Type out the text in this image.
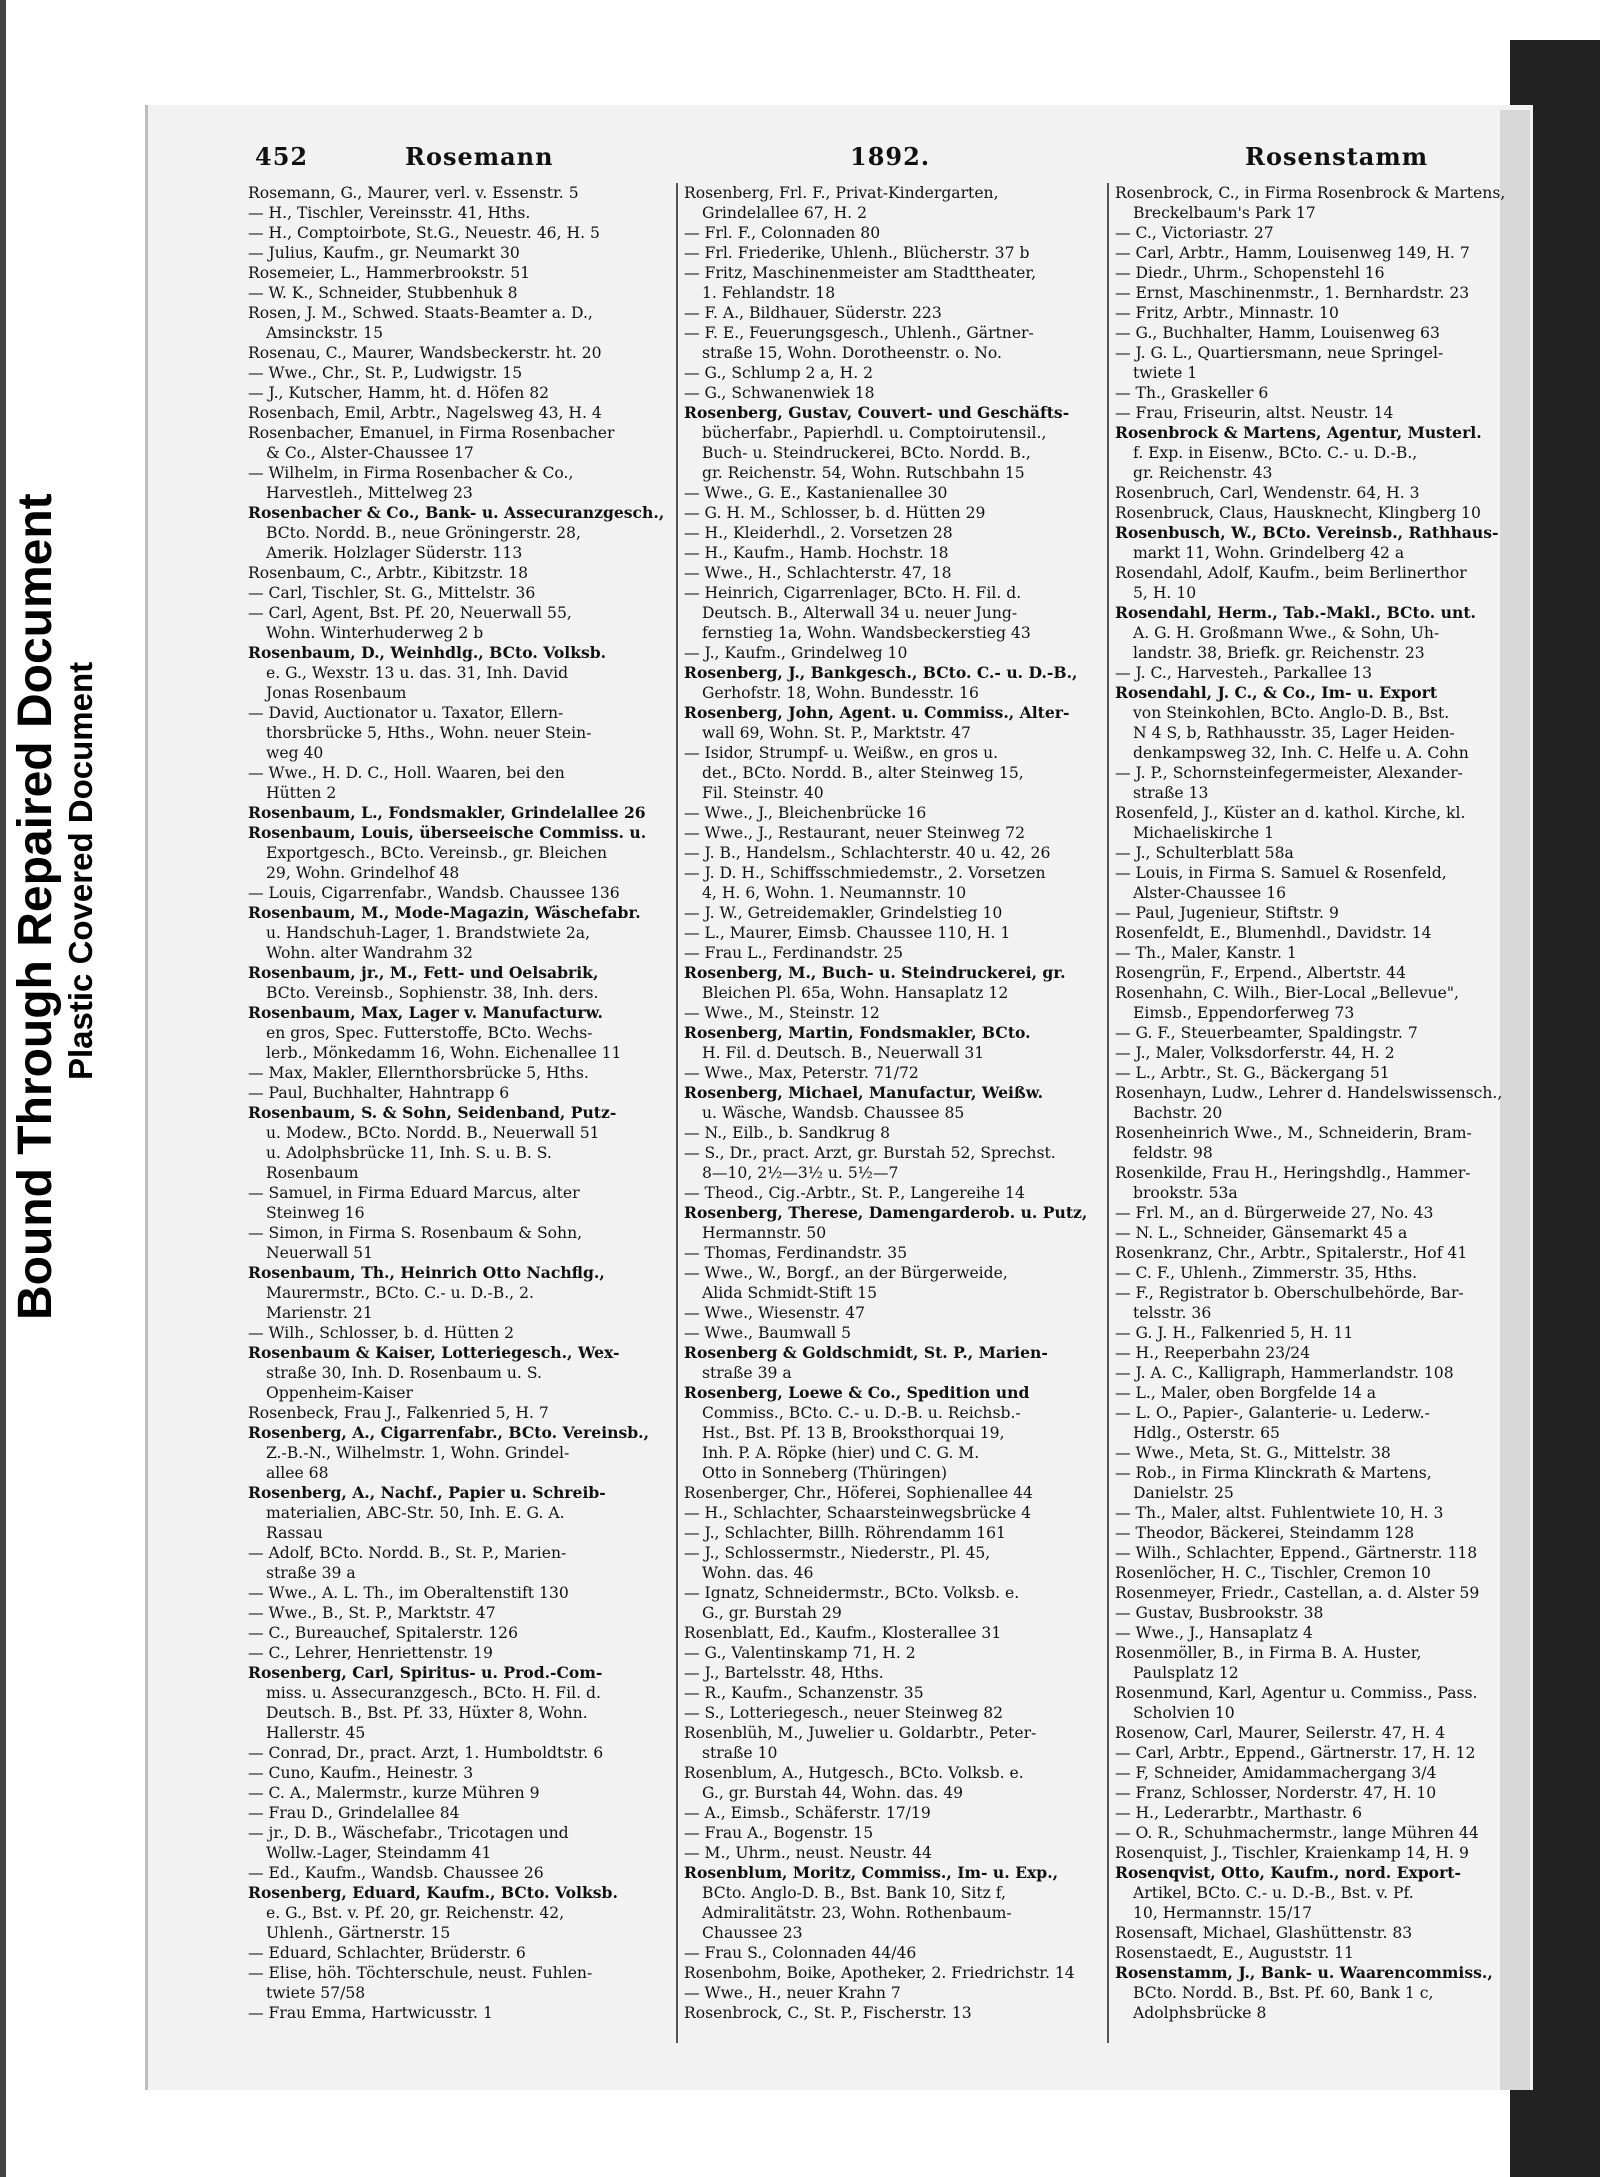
Bound Through Repaired Document Plastic Covered Document
452	Rosemann	1892.	Rosenstamm
Rosemann, G., Maurer, verl. v. Essenstr. 5
— H., Tischler, Vereinsstr. 41, Hths.
— H., Comptoirbote, St.G., Neuestr. 46, H. 5
— Julius, Kaufm., gr. Neumarkt 30
Rosemeier, L., Hammerbrookstr. 51
— W. K., Schneider, Stubbenhuk 8
Rosen, J. M., Schwed. Staats-Beamter a. D.,
Amsinckstr. 15
Rosenau, C., Maurer, Wandsbeckerstr. ht. 20
— Wwe., Chr., St. P., Ludwigstr. 15
— J., Kutscher, Hamm, ht. d. Höfen 82
Rosenbach, Emil, Arbtr., Nagelsweg 43, H. 4
Rosenbacher, Emanuel, in Firma Rosenbacher
& Co., Alster-Chaussee 17
— Wilhelm, in Firma Rosenbacher & Co.,
Harvestleh., Mittelweg 23
Rosenbacher & Co., Bank- u. Assecuranzgesch.,
BCto. Nordd. B., neue Gröningerstr. 28,
Amerik. Holzlager Süderstr. 113
Rosenbaum, C., Arbtr., Kibitzstr. 18
— Carl, Tischler, St. G., Mittelstr. 36
— Carl, Agent, Bst. Pf. 20, Neuerwall 55,
Wohn. Winterhuderweg 2 b
Rosenbaum, D., Weinhdlg., BCto. Volksb.
e. G., Wexstr. 13 u. das. 31, Inh. David
Jonas Rosenbaum
— David, Auctionator u. Taxator, Ellern-
thorsbrücke 5, Hths., Wohn. neuer Stein-
weg 40
— Wwe., H. D. C., Holl. Waaren, bei den
Hütten 2
Rosenbaum, L., Fondsmakler, Grindelallee 26
Rosenbaum, Louis, überseeische Commiss. u.
Exportgesch., BCto. Vereinsb., gr. Bleichen
29, Wohn. Grindelhof 48
— Louis, Cigarrenfabr., Wandsb. Chaussee 136
Rosenbaum, M., Mode-Magazin, Wäschefabr.
u. Handschuh-Lager, 1. Brandstwiete 2a,
Wohn. alter Wandrahm 32
Rosenbaum, jr., M., Fett- und Oelsabrik,
BCto. Vereinsb., Sophienstr. 38, Inh. ders.
Rosenbaum, Max, Lager v. Manufacturw.
en gros, Spec. Futterstoffe, BCto. Wechs-
lerb., Mönkedamm 16, Wohn. Eichenallee 11
— Max, Makler, Ellernthorsbrücke 5, Hths.
— Paul, Buchhalter, Hahntrapp 6
Rosenbaum, S. & Sohn, Seidenband, Putz-
u. Modew., BCto. Nordd. B., Neuerwall 51
u. Adolphsbrücke 11, Inh. S. u. B. S.
Rosenbaum
— Samuel, in Firma Eduard Marcus, alter
Steinweg 16
— Simon, in Firma S. Rosenbaum & Sohn,
Neuerwall 51
Rosenbaum, Th., Heinrich Otto Nachflg.,
Maurermstr., BCto. C.- u. D.-B., 2.
Marienstr. 21
— Wilh., Schlosser, b. d. Hütten 2
Rosenbaum & Kaiser, Lotteriegesch., Wex-
straße 30, Inh. D. Rosenbaum u. S.
Oppenheim-Kaiser
Rosenbeck, Frau J., Falkenried 5, H. 7
Rosenberg, A., Cigarrenfabr., BCto. Vereinsb.,
Z.-B.-N., Wilhelmstr. 1, Wohn. Grindel-
allee 68
Rosenberg, A., Nachf., Papier u. Schreib-
materialien, ABC-Str. 50, Inh. E. G. A.
Rassau
— Adolf, BCto. Nordd. B., St. P., Marien-
straße 39 a
— Wwe., A. L. Th., im Oberaltenstift 130
— Wwe., B., St. P., Marktstr. 47
— C., Bureauchef, Spitalerstr. 126
— C., Lehrer, Henriettenstr. 19
Rosenberg, Carl, Spiritus- u. Prod.-Com-
miss. u. Assecuranzgesch., BCto. H. Fil. d.
Deutsch. B., Bst. Pf. 33, Hüxter 8, Wohn.
Hallerstr. 45
— Conrad, Dr., pract. Arzt, 1. Humboldtstr. 6
— Cuno, Kaufm., Heinestr. 3
— C. A., Malermstr., kurze Mühren 9
— Frau D., Grindelallee 84
— jr., D. B., Wäschefabr., Tricotagen und
Wollw.-Lager, Steindamm 41
— Ed., Kaufm., Wandsb. Chaussee 26
Rosenberg, Eduard, Kaufm., BCto. Volksb.
e. G., Bst. v. Pf. 20, gr. Reichenstr. 42,
Uhlenh., Gärtnerstr. 15
— Eduard, Schlachter, Brüderstr. 6
— Elise, höh. Töchterschule, neust. Fuhlen-
twiete 57/58
— Frau Emma, Hartwicusstr. 1
Rosenberg, Frl. F., Privat-Kindergarten,
Grindelallee 67, H. 2
— Frl. F., Colonnaden 80
— Frl. Friederike, Uhlenh., Blücherstr. 37 b
— Fritz, Maschinenmeister am Stadttheater,
1. Fehlandstr. 18
— F. A., Bildhauer, Süderstr. 223
— F. E., Feuerungsgesch., Uhlenh., Gärtner-
straße 15, Wohn. Dorotheenstr. o. No.
— G., Schlump 2 a, H. 2
— G., Schwanenwiek 18
Rosenberg, Gustav, Couvert- und Geschäfts-
bücherfabr., Papierhdl. u. Comptoirutensil.,
Buch- u. Steindruckerei, BCto. Nordd. B.,
gr. Reichenstr. 54, Wohn. Rutschbahn 15
— Wwe., G. E., Kastanienallee 30
— G. H. M., Schlosser, b. d. Hütten 29
— H., Kleiderhdl., 2. Vorsetzen 28
— H., Kaufm., Hamb. Hochstr. 18
— Wwe., H., Schlachterstr. 47, 18
— Heinrich, Cigarrenlager, BCto. H. Fil. d.
Deutsch. B., Alterwall 34 u. neuer Jung-
fernstieg 1a, Wohn. Wandsbeckerstieg 43
— J., Kaufm., Grindelweg 10
Rosenberg, J., Bankgesch., BCto. C.- u. D.-B.,
Gerhofstr. 18, Wohn. Bundesstr. 16
Rosenberg, John, Agent. u. Commiss., Alter-
wall 69, Wohn. St. P., Marktstr. 47
— Isidor, Strumpf- u. Weißw., en gros u.
det., BCto. Nordd. B., alter Steinweg 15,
Fil. Steinstr. 40
— Wwe., J., Bleichenbrücke 16
— Wwe., J., Restaurant, neuer Steinweg 72
— J. B., Handelsm., Schlachterstr. 40 u. 42, 26
— J. D. H., Schiffsschmiedemstr., 2. Vorsetzen
4, H. 6, Wohn. 1. Neumannstr. 10
— J. W., Getreidemakler, Grindelstieg 10
— L., Maurer, Eimsb. Chaussee 110, H. 1
— Frau L., Ferdinandstr. 25
Rosenberg, M., Buch- u. Steindruckerei, gr.
Bleichen Pl. 65a, Wohn. Hansaplatz 12
— Wwe., M., Steinstr. 12
Rosenberg, Martin, Fondsmakler, BCto.
H. Fil. d. Deutsch. B., Neuerwall 31
— Wwe., Max, Peterstr. 71/72
Rosenberg, Michael, Manufactur, Weißw.
u. Wäsche, Wandsb. Chaussee 85
— N., Eilb., b. Sandkrug 8
— S., Dr., pract. Arzt, gr. Burstah 52, Sprechst.
8—10, 2½—3½ u. 5½—7
— Theod., Cig.-Arbtr., St. P., Langereihe 14
Rosenberg, Therese, Damengarderob. u. Putz,
Hermannstr. 50
— Thomas, Ferdinandstr. 35
— Wwe., W., Borgf., an der Bürgerweide,
Alida Schmidt-Stift 15
— Wwe., Wiesenstr. 47
— Wwe., Baumwall 5
Rosenberg & Goldschmidt, St. P., Marien-
straße 39 a
Rosenberg, Loewe & Co., Spedition und
Commiss., BCto. C.- u. D.-B. u. Reichsb.-
Hst., Bst. Pf. 13 B, Brooksthorquai 19,
Inh. P. A. Röpke (hier) und C. G. M.
Otto in Sonneberg (Thüringen)
Rosenberger, Chr., Höferei, Sophienallee 44
— H., Schlachter, Schaarsteinwegsbrücke 4
— J., Schlachter, Billh. Röhrendamm 161
— J., Schlossermstr., Niederstr., Pl. 45,
Wohn. das. 46
— Ignatz, Schneidermstr., BCto. Volksb. e.
G., gr. Burstah 29
Rosenblatt, Ed., Kaufm., Klosterallee 31
— G., Valentinskamp 71, H. 2
— J., Bartelsstr. 48, Hths.
— R., Kaufm., Schanzenstr. 35
— S., Lotteriegesch., neuer Steinweg 82
Rosenblüh, M., Juwelier u. Goldarbtr., Peter-
straße 10
Rosenblum, A., Hutgesch., BCto. Volksb. e.
G., gr. Burstah 44, Wohn. das. 49
— A., Eimsb., Schäferstr. 17/19
— Frau A., Bogenstr. 15
— M., Uhrm., neust. Neustr. 44
Rosenblum, Moritz, Commiss., Im- u. Exp.,
BCto. Anglo-D. B., Bst. Bank 10, Sitz f,
Admiralitätstr. 23, Wohn. Rothenbaum-
Chaussee 23
— Frau S., Colonnaden 44/46
Rosenbohm, Boike, Apotheker, 2. Friedrichstr. 14
— Wwe., H., neuer Krahn 7
Rosenbrock, C., St. P., Fischerstr. 13
Rosenbrock, C., in Firma Rosenbrock & Martens,
Breckelbaum's Park 17
— C., Victoriastr. 27
— Carl, Arbtr., Hamm, Louisenweg 149, H. 7
— Diedr., Uhrm., Schopenstehl 16
— Ernst, Maschinenmstr., 1. Bernhardstr. 23
— Fritz, Arbtr., Minnastr. 10
— G., Buchhalter, Hamm, Louisenweg 63
— J. G. L., Quartiersmann, neue Springel-
twiete 1
— Th., Graskeller 6
— Frau, Friseurin, altst. Neustr. 14
Rosenbrock & Martens, Agentur, Musterl.
f. Exp. in Eisenw., BCto. C.- u. D.-B.,
gr. Reichenstr. 43
Rosenbruch, Carl, Wendenstr. 64, H. 3
Rosenbruck, Claus, Hausknecht, Klingberg 10
Rosenbusch, W., BCto. Vereinsb., Rathhaus-
markt 11, Wohn. Grindelberg 42 a
Rosendahl, Adolf, Kaufm., beim Berlinerthor
5, H. 10
Rosendahl, Herm., Tab.-Makl., BCto. unt.
A. G. H. Großmann Wwe., & Sohn, Uh-
landstr. 38, Briefk. gr. Reichenstr. 23
— J. C., Harvesteh., Parkallee 13
Rosendahl, J. C., & Co., Im- u. Export
von Steinkohlen, BCto. Anglo-D. B., Bst.
N 4 S, b, Rathhausstr. 35, Lager Heiden-
denkampsweg 32, Inh. C. Helfe u. A. Cohn
— J. P., Schornsteinfegermeister, Alexander-
straße 13
Rosenfeld, J., Küster an d. kathol. Kirche, kl.
Michaeliskirche 1
— J., Schulterblatt 58a
— Louis, in Firma S. Samuel & Rosenfeld,
Alster-Chaussee 16
— Paul, Jugenieur, Stiftstr. 9
Rosenfeldt, E., Blumenhdl., Davidstr. 14
— Th., Maler, Kanstr. 1
Rosengrün, F., Erpend., Albertstr. 44
Rosenhahn, C. Wilh., Bier-Local „Bellevue",
Eimsb., Eppendorferweg 73
— G. F., Steuerbeamter, Spaldingstr. 7
— J., Maler, Volksdorferstr. 44, H. 2
— L., Arbtr., St. G., Bäckergang 51
Rosenhayn, Ludw., Lehrer d. Handelswissensch.,
Bachstr. 20
Rosenheinrich Wwe., M., Schneiderin, Bram-
feldstr. 98
Rosenkilde, Frau H., Heringshdlg., Hammer-
brookstr. 53a
— Frl. M., an d. Bürgerweide 27, No. 43
— N. L., Schneider, Gänsemarkt 45 a
Rosenkranz, Chr., Arbtr., Spitalerstr., Hof 41
— C. F., Uhlenh., Zimmerstr. 35, Hths.
— F., Registrator b. Oberschulbehörde, Bar-
telsstr. 36
— G. J. H., Falkenried 5, H. 11
— H., Reeperbahn 23/24
— J. A. C., Kalligraph, Hammerlandstr. 108
— L., Maler, oben Borgfelde 14 a
— L. O., Papier-, Galanterie- u. Lederw.-
Hdlg., Osterstr. 65
— Wwe., Meta, St. G., Mittelstr. 38
— Rob., in Firma Klinckrath & Martens,
Danielstr. 25
— Th., Maler, altst. Fuhlentwiete 10, H. 3
— Theodor, Bäckerei, Steindamm 128
— Wilh., Schlachter, Eppend., Gärtnerstr. 118
Rosenlöcher, H. C., Tischler, Cremon 10
Rosenmeyer, Friedr., Castellan, a. d. Alster 59
— Gustav, Busbrookstr. 38
— Wwe., J., Hansaplatz 4
Rosenmöller, B., in Firma B. A. Huster,
Paulsplatz 12
Rosenmund, Karl, Agentur u. Commiss., Pass.
Scholvien 10
Rosenow, Carl, Maurer, Seilerstr. 47, H. 4
— Carl, Arbtr., Eppend., Gärtnerstr. 17, H. 12
— F, Schneider, Amidammachergang 3/4
— Franz, Schlosser, Norderstr. 47, H. 10
— H., Lederarbtr., Marthastr. 6
— O. R., Schuhmachermstr., lange Mühren 44
Rosenquist, J., Tischler, Kraienkamp 14, H. 9
Rosenqvist, Otto, Kaufm., nord. Export-
Artikel, BCto. C.- u. D.-B., Bst. v. Pf.
10, Hermannstr. 15/17
Rosensaft, Michael, Glashüttenstr. 83
Rosenstaedt, E., Auguststr. 11
Rosenstamm, J., Bank- u. Waarencommiss.,
BCto. Nordd. B., Bst. Pf. 60, Bank 1 c,
Adolphsbrücke 8
